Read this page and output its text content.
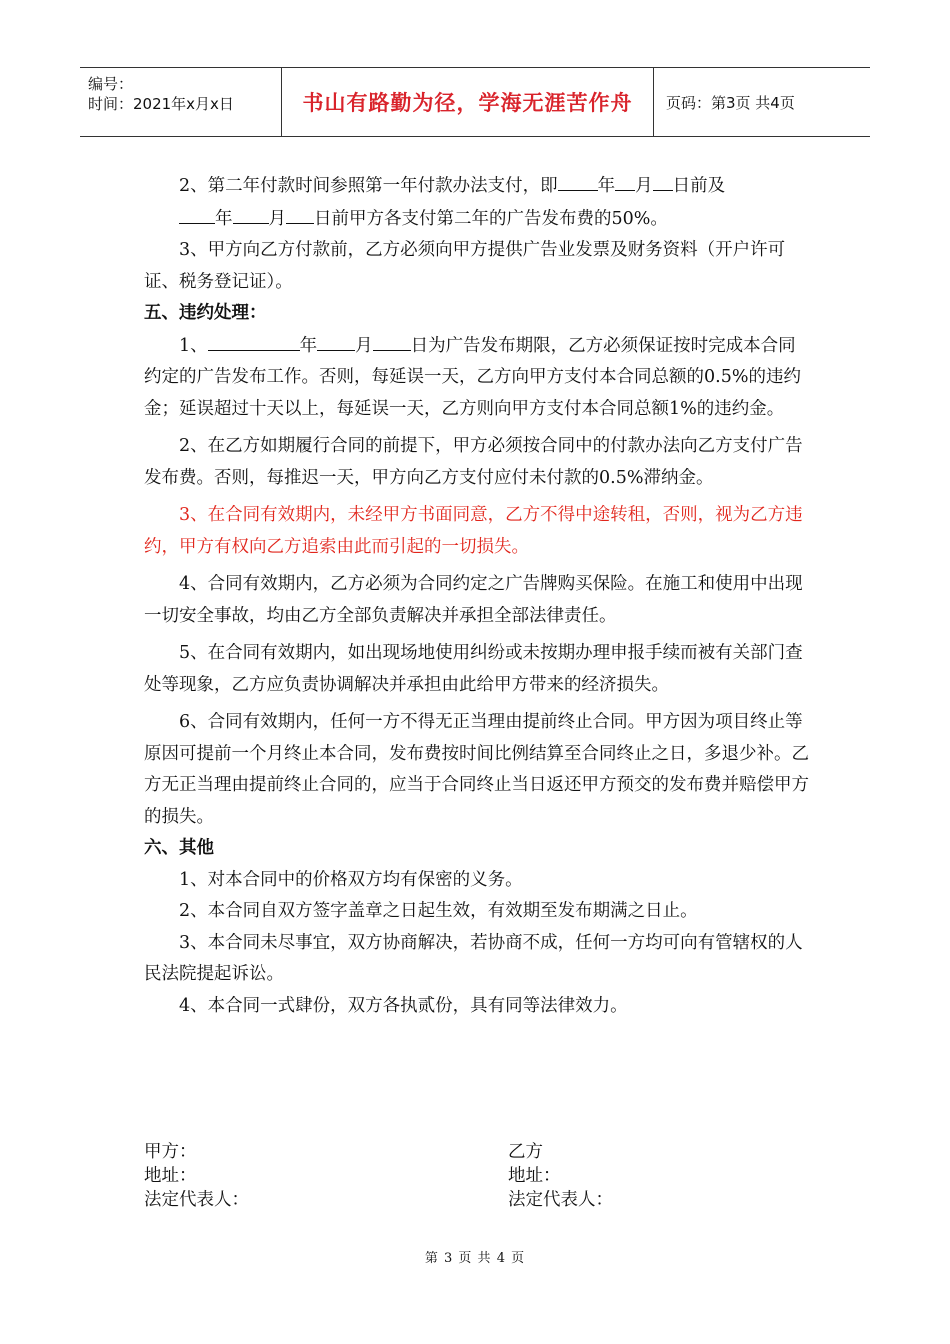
编号：
时间：2021年x月x日	书山有路勤为径，学海无涯苦作舟 页码：第3页 共4页

2、第二年付款时间参照第一年付款办法支付，即 年 月 日前及

年 月 日前甲方各支付第二年的广告发布费的50%。

3、甲方向乙方付款前，乙方必须向甲方提供广告业发票及财务资料（开户许可证、税务登记证）。

五、违约处理：

1、	年 月 日为广告发布期限，乙方必须保证按时完成本合同约定的广告发布工作。否则，每延误一天，乙方向甲方支付本合同总额的0.5%的违约金；延误超过十天以上，每延误一天，乙方则向甲方支付本合同总额1%的违约金。

2、在乙方如期履行合同的前提下，甲方必须按合同中的付款办法向乙方支付广告发布费。否则，每推迟一天，甲方向乙方支付应付未付款的0.5%滞纳金。

3、在合同有效期内，未经甲方书面同意，乙方不得中途转租，否则，视为乙方违约，甲方有权向乙方追索由此而引起的一切损失。

4、合同有效期内，乙方必须为合同约定之广告牌购买保险。在施工和使用中出现一切安全事故，均由乙方全部负责解决并承担全部法律责任。

5、在合同有效期内，如出现场地使用纠纷或未按期办理申报手续而被有关部门查处等现象，乙方应负责协调解决并承担由此给甲方带来的经济损失。

6、合同有效期内，任何一方不得无正当理由提前终止合同。甲方因为项目终止等原因可提前一个月终止本合同，发布费按时间比例结算至合同终止之日，多退少补。乙方无正当理由提前终止合同的，应当于合同终止当日返还甲方预交的发布费并赔偿甲方的损失。

六、其他

1、对本合同中的价格双方均有保密的义务。

2、本合同自双方签字盖章之日起生效，有效期至发布期满之日止。

3、本合同未尽事宜，双方协商解决，若协商不成，任何一方均可向有管辖权的人民法院提起诉讼。

4、本合同一式肆份，双方各执贰份，具有同等法律效力。

甲方：
地址：
法定代表人：
乙方
地址：
法定代表人：
第 3 页 共 4 页
